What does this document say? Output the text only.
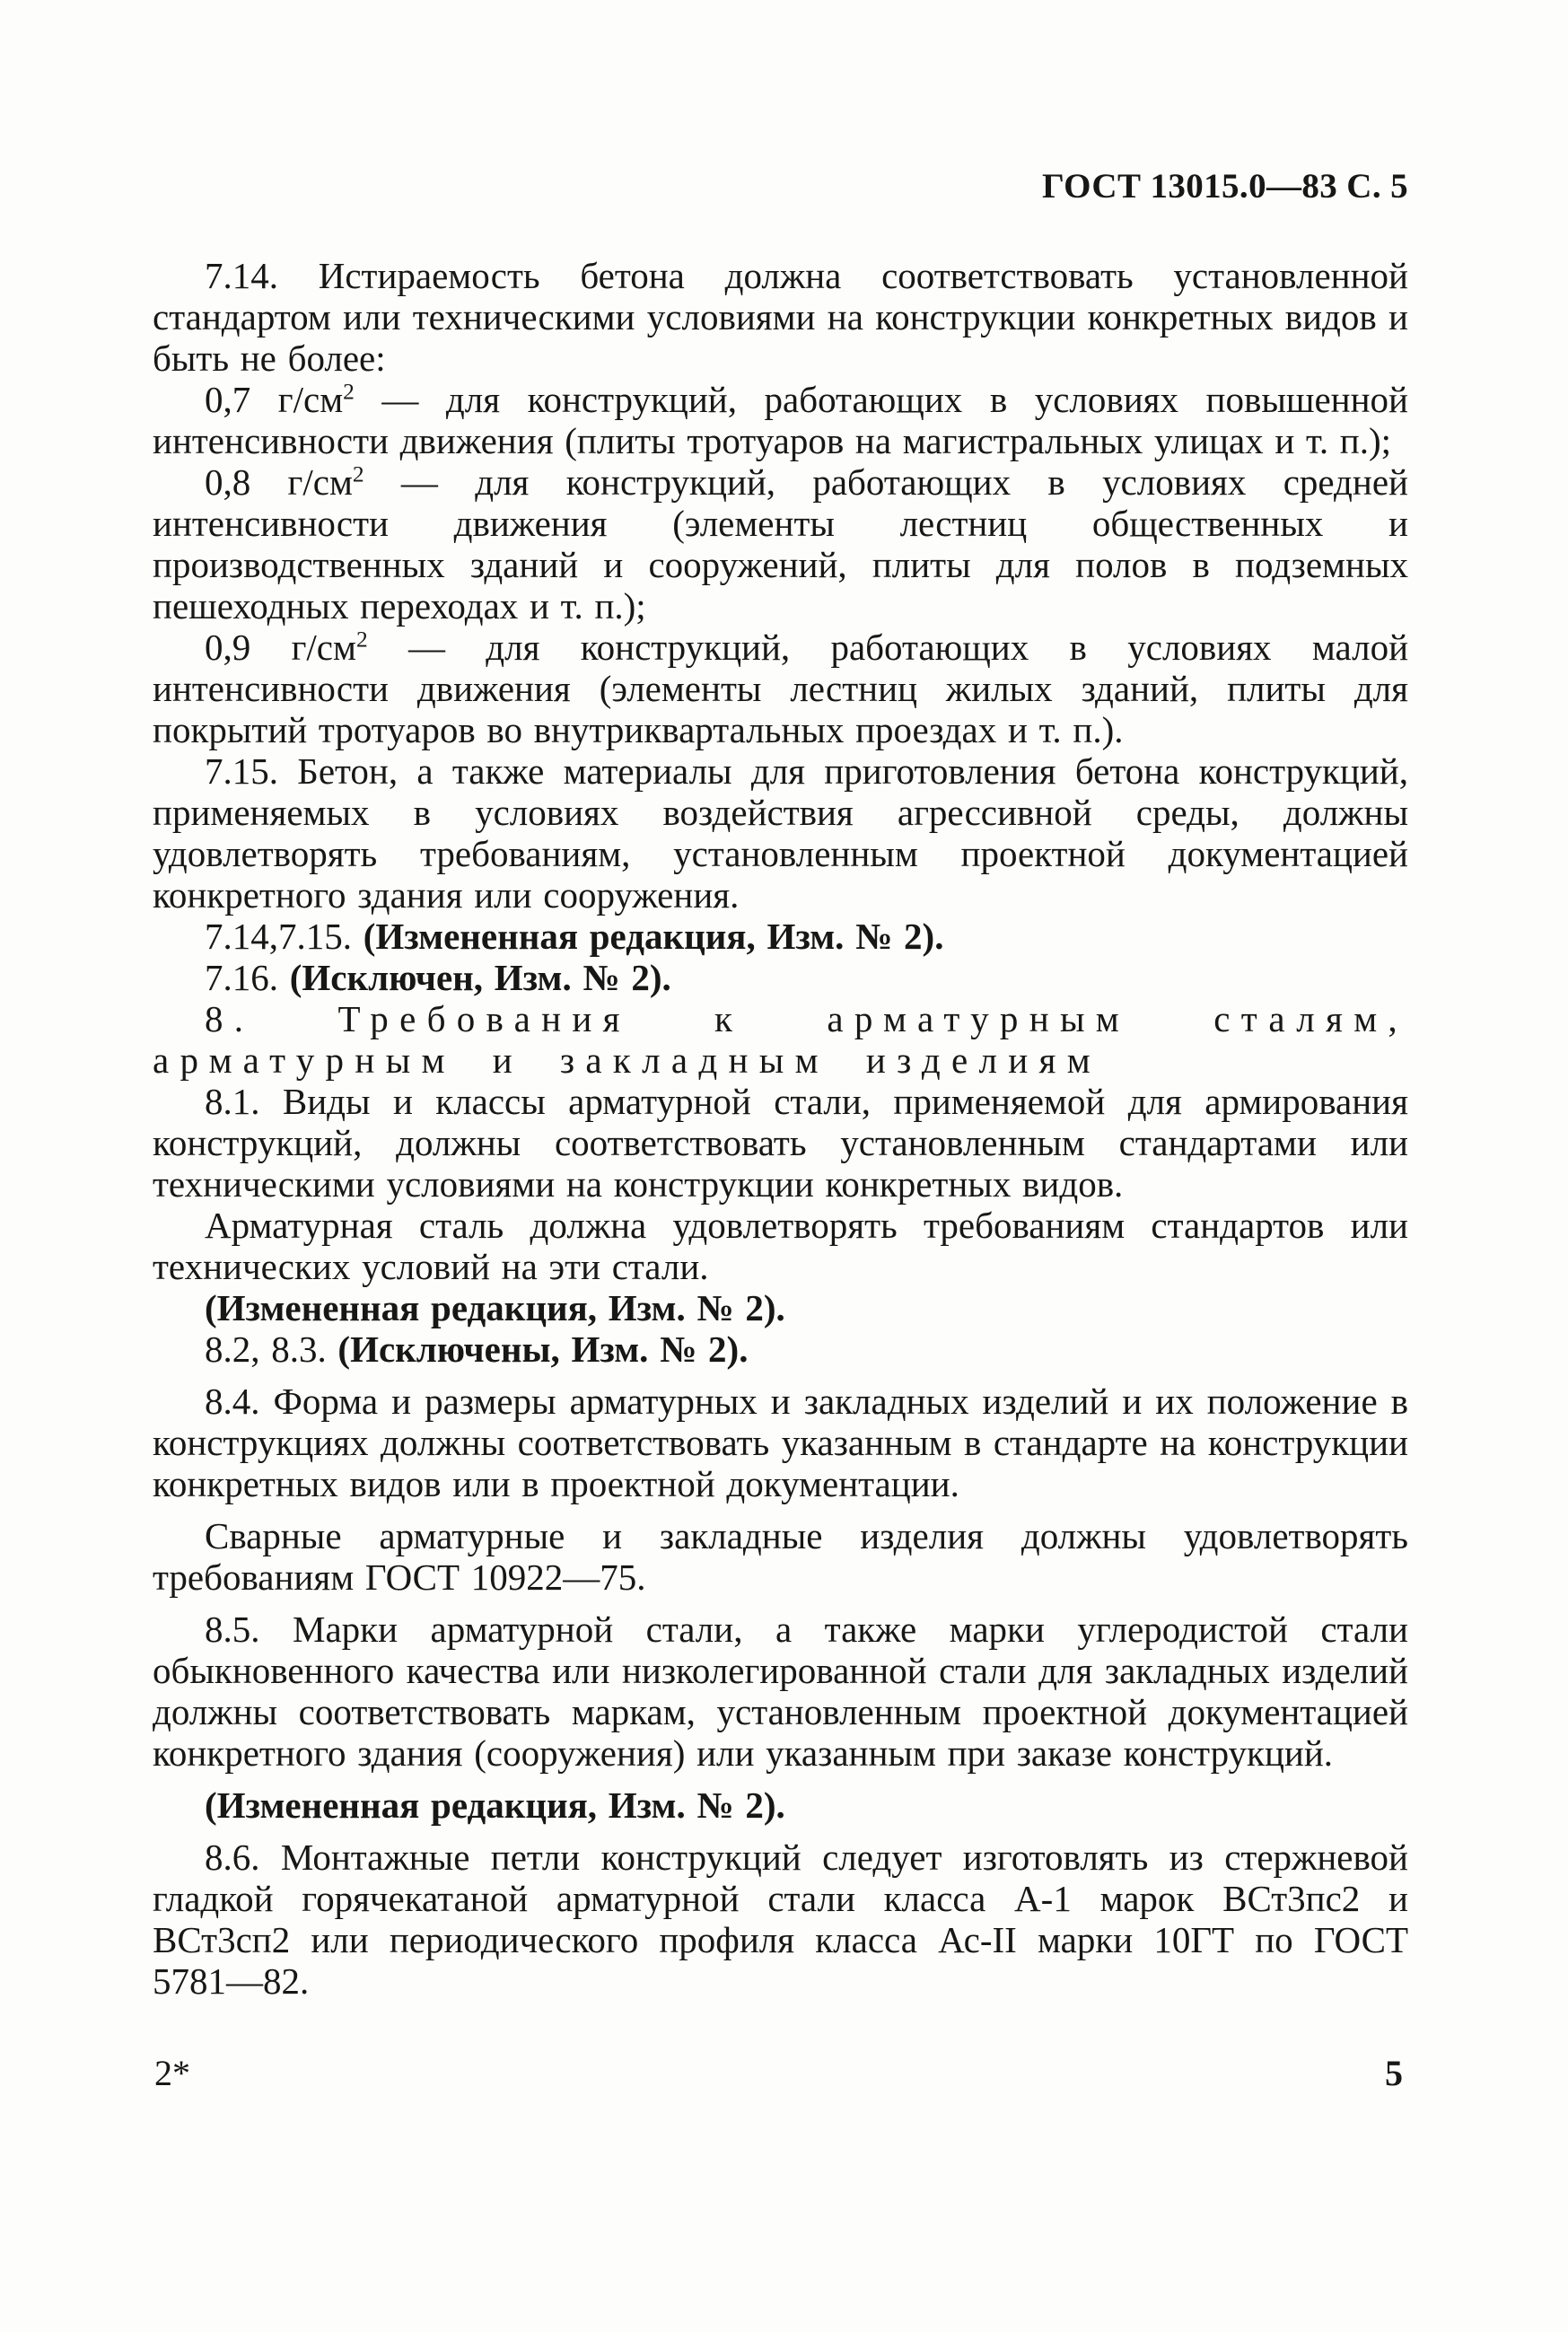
ГОСТ 13015.0—83 С. 5

7.14. Истираемость бетона должна соответствовать установленной стандартом или техническими условиями на конструкции конкретных видов и быть не более:

0,7 $г/см^2$ — для конструкций, работающих в условиях повышенной интенсивности движения (плиты тротуаров на магистральных улицах и т. п.);

0,8 $г/см^2$ — для конструкций, работающих в условиях средней интенсивности движения (элементы лестниц общественных и производственных зданий и сооружений, плиты для полов в подземных пешеходных переходах и т. п.);

0,9 $г/см^2$ — для конструкций, работающих в условиях малой интенсивности движения (элементы лестниц жилых зданий, плиты для покрытий тротуаров во внутриквартальных проездах и т. п.).

7.15. Бетон, а также материалы для приготовления бетона конструкций, применяемых в условиях воздействия агрессивной среды, должны удовлетворять требованиям, установленным проектной документацией конкретного здания или сооружения.

7.14,7.15. (Измененная редакция, Изм. № 2).

7.16. (Исключен, Изм. № 2).

8. Требования к арматурным сталям, арматурным и закладным изделиям

8.1. Виды и классы арматурной стали, применяемой для армирования конструкций, должны соответствовать установленным стандартами или техническими условиями на конструкции конкретных видов.

Арматурная сталь должна удовлетворять требованиям стандартов или технических условий на эти стали.

(Измененная редакция, Изм. № 2).

8.2, 8.3. (Исключены, Изм. № 2).

8.4. Форма и размеры арматурных и закладных изделий и их положение в конструкциях должны соответствовать указанным в стандарте на конструкции конкретных видов или в проектной документации.

Сварные арматурные и закладные изделия должны удовлетворять требованиям ГОСТ 10922—75.

8.5. Марки арматурной стали, а также марки углеродистой стали обыкновенного качества или низколегированной стали для закладных изделий должны соответствовать маркам, установленным проектной документацией конкретного здания (сооружения) или указанным при заказе конструкций.

(Измененная редакция, Изм. № 2).

8.6. Монтажные петли конструкций следует изготовлять из стержневой гладкой горячекатаной арматурной стали класса А-1 марок ВСт3пс2 и ВСт3сп2 или периодического профиля класса Ас-II марки 10ГТ по ГОСТ 5781—82.

2*	5
